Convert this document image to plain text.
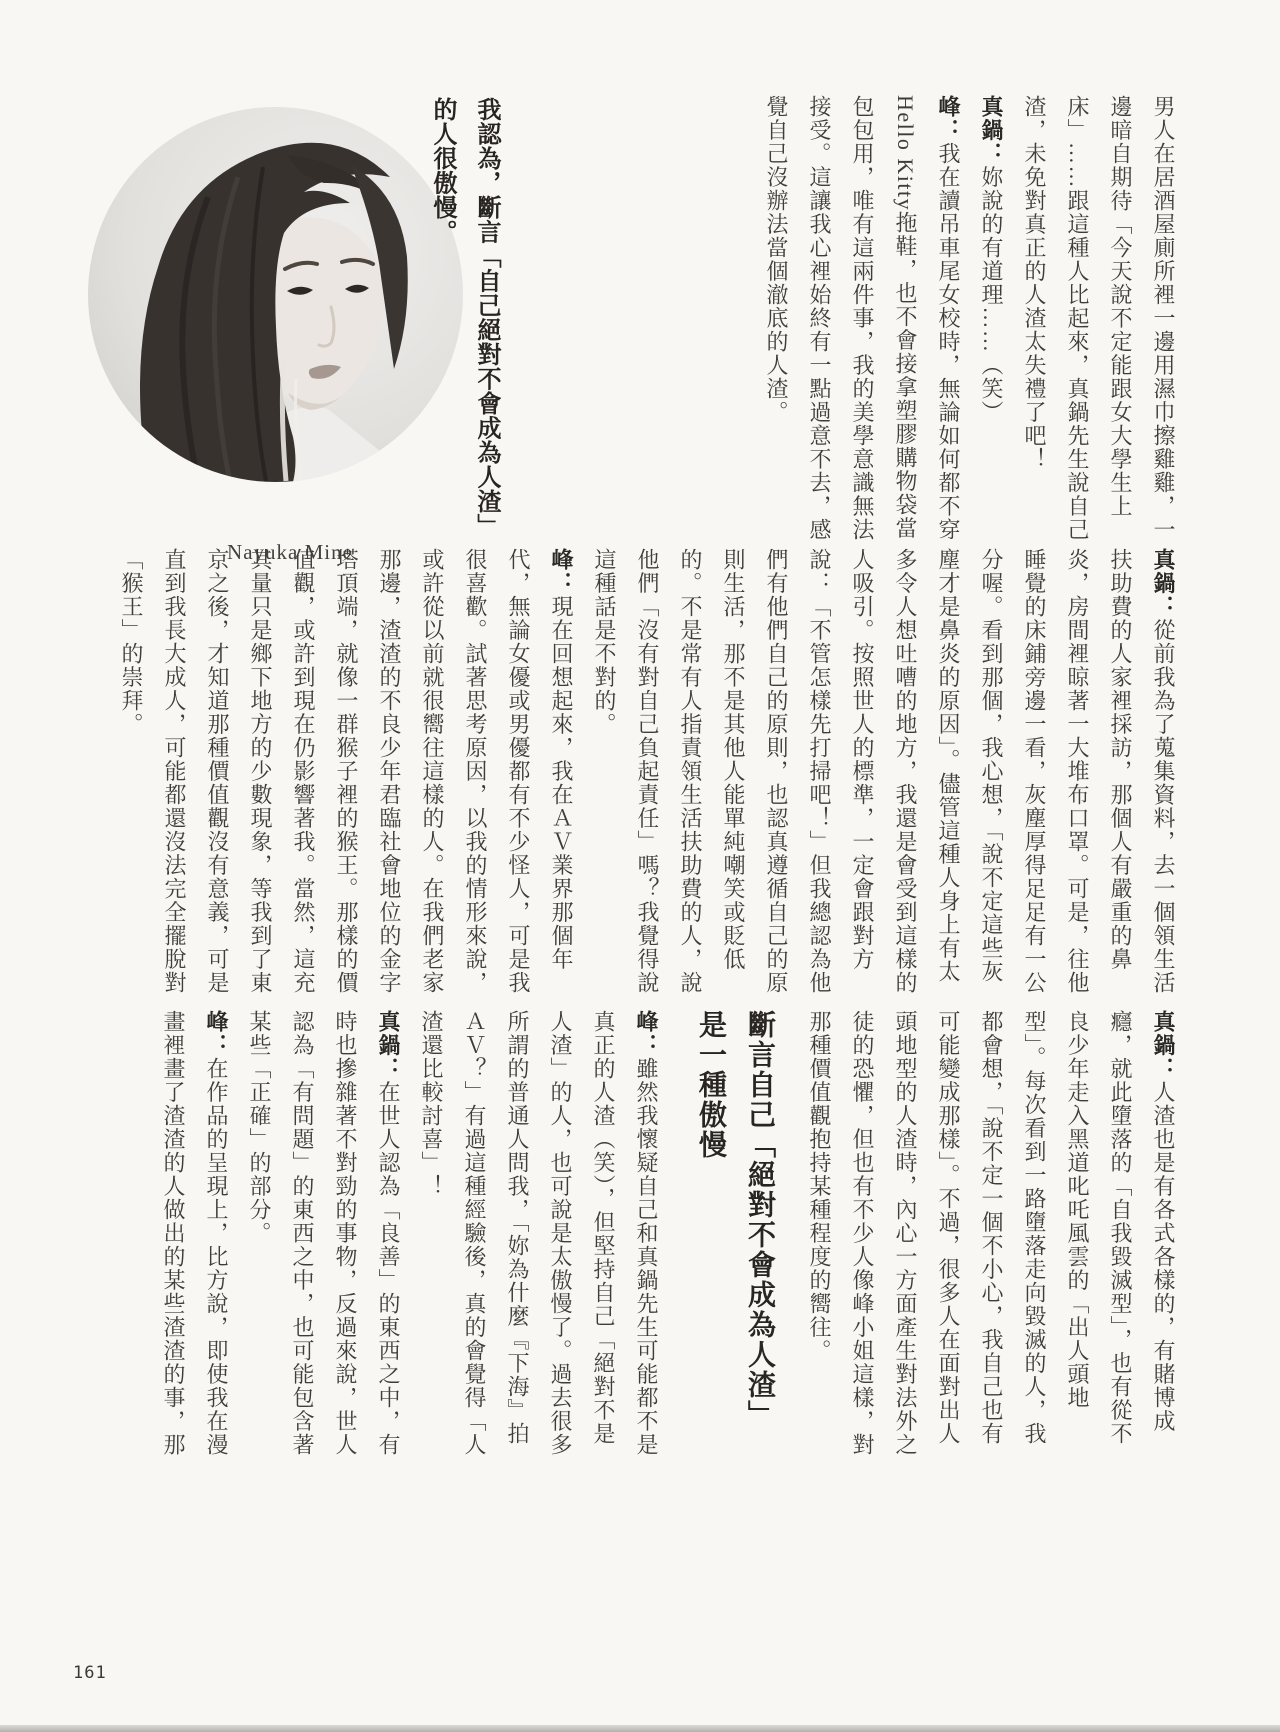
Nayuka Mine
我認為，斷言「自己絕對不會成為人渣」
的人很傲慢。	男人在居酒屋廁所裡一邊用濕巾擦雞雞，一邊暗自期待「今天說不定能跟女大學生上床」……跟這種人比起來，真鍋先生說自己渣，未免對真正的人渣太失禮了吧！

真鍋：妳說的有道理……（笑）

峰：我在讀吊車尾女校時，無論如何都不穿Hello Kitty拖鞋，也不會接拿塑膠購物袋當包包用，唯有這兩件事，我的美學意識無法接受。這讓我心裡始終有一點過意不去，感覺自己沒辦法當個澈底的人渣。

真鍋：從前我為了蒐集資料，去一個領生活扶助費的人家裡採訪，那個人有嚴重的鼻炎，房間裡晾著一大堆布口罩。可是，往他睡覺的床鋪旁邊一看，灰塵厚得足足有一公分喔。看到那個，我心想，「說不定這些灰塵才是鼻炎的原因」。儘管這種人身上有太多令人想吐嘈的地方，我還是會受到這樣的人吸引。按照世人的標準，一定會跟對方說：「不管怎樣先打掃吧！」但我總認為他們有他們自己的原則，也認真遵循自己的原則生活，那不是其他人能單純嘲笑或貶低的。不是常有人指責領生活扶助費的人，說他們「沒有對自己負起責任」嗎？我覺得說這種話是不對的。

峰：現在回想起來，我在ＡＶ業界那個年代，無論女優或男優都有不少怪人，可是我很喜歡。試著思考原因，以我的情形來說，或許從以前就很嚮往這樣的人。在我們老家那邊，渣渣的不良少年君臨社會地位的金字塔頂端，就像一群猴子裡的猴王。那樣的價值觀，或許到現在仍影響著我。當然，這充其量只是鄉下地方的少數現象，等我到了東京之後，才知道那種價值觀沒有意義，可是直到我長大成人，可能都還沒法完全擺脫對「猴王」的崇拜。

真鍋：人渣也是有各式各樣的，有賭博成癮，就此墮落的「自我毀滅型」，也有從不良少年走入黑道叱吒風雲的「出人頭地型」。每次看到一路墮落走向毀滅的人，我都會想，「說不定一個不小心，我自己也有可能變成那樣」。不過，很多人在面對出人頭地型的人渣時，內心一方面產生對法外之徒的恐懼，但也有不少人像峰小姐這樣，對那種價值觀抱持某種程度的嚮往。

斷言自己「絕對不會成為人渣」
是一種傲慢

峰：雖然我懷疑自己和真鍋先生可能都不是真正的人渣（笑），但堅持自己「絕對不是人渣」的人，也可說是太傲慢了。過去很多所謂的普通人問我，「妳為什麼『下海』拍ＡＶ？」有過這種經驗後，真的會覺得「人渣還比較討喜」！

真鍋：在世人認為「良善」的東西之中，有時也摻雜著不對勁的事物，反過來說，世人認為「有問題」的東西之中，也可能包含著某些「正確」的部分。

峰：在作品的呈現上，比方說，即使我在漫畫裡畫了渣渣的人做出的某些渣渣的事，那

161
